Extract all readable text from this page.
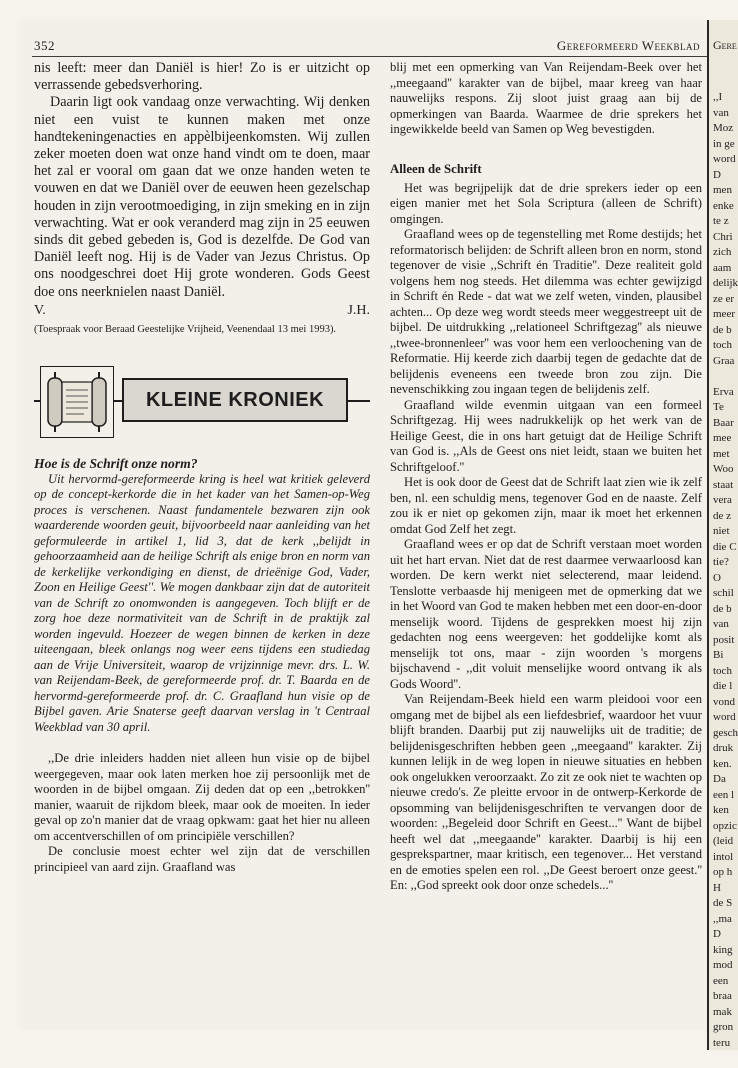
352	Gereformeerd Weekblad Gere
,,I
van
Moz
in ge
word
D
men
enke
te z
Chri
zich
aam
delijk
ze er
meer
de b
toch
Graa
Erva
Te
Baar
mee
met
Woo
staat
vera
de z
niet
die C
tie?
O
schil
de b
van
posit
Bi
toch
die l
vond
word
gesch
druk
ken.
Da
een l
ken
opzic
(leid
intol
op h
H
de S
,,ma
D
king
mod
een
braa
mak
gron
teru

nis leeft: meer dan Daniël is hier! Zo is er uitzicht op verrassende gebedsverhoring.

Daarin ligt ook vandaag onze verwachting. Wij denken niet een vuist te kunnen maken met onze handtekeningenacties en appèlbijeenkomsten. Wij zullen zeker moeten doen wat onze hand vindt om te doen, maar het zal er vooral om gaan dat we onze handen weten te vouwen en dat we Daniël over de eeuwen heen gezelschap houden in zijn verootmoediging, in zijn smeking en in zijn verwachting. Wat er ook veranderd mag zijn in 25 eeuwen sinds dit gebed gebeden is, God is dezelfde. De God van Daniël leeft nog. Hij is de Vader van Jezus Christus. Op ons noodgeschrei doet Hij grote wonderen. Gods Geest doe ons neerknielen naast Daniël.

V.	J.H.
(Toespraak voor Beraad Geestelijke Vrijheid, Veenendaal 13 mei 1993).
KLEINE KRONIEK
Hoe is de Schrift onze norm?

Uit hervormd-gereformeerde kring is heel wat kritiek geleverd op de concept-kerkorde die in het kader van het Samen-op-Weg proces is verschenen. Naast fundamentele bezwaren zijn ook waarderende woorden geuit, bijvoorbeeld naar aanleiding van het geformuleerde in artikel 1, lid 3, dat de kerk ,,belijdt in gehoorzaamheid aan de heilige Schrift als enige bron en norm van de kerkelijke verkondiging en dienst, de drieënige God, Vader, Zoon en Heilige Geest''. We mogen dankbaar zijn dat de autoriteit van de Schrift zo onomwonden is aangegeven. Toch blijft er de zorg hoe deze normativiteit van de Schrift in de praktijk zal worden ingevuld. Hoezeer de wegen binnen de kerken in deze uiteengaan, bleek onlangs nog weer eens tijdens een studiedag aan de Vrije Universiteit, waarop de vrijzinnige mevr. drs. L. W. van Reijendam-Beek, de gereformeerde prof. dr. T. Baarda en de hervormd-gereformeerde prof. dr. C. Graafland hun visie op de Bijbel gaven. Arie Snaterse geeft daarvan verslag in 't Centraal Weekblad van 30 april.

,,De drie inleiders hadden niet alleen hun visie op de bijbel weergegeven, maar ook laten merken hoe zij persoonlijk met de woorden in de bijbel omgaan. Zij deden dat op een ,,betrokken'' manier, waaruit de rijkdom bleek, maar ook de moeiten. In ieder geval op zo'n manier dat de vraag opkwam: gaat het hier nu alleen om accentverschillen of om principiële verschillen?

De conclusie moest echter wel zijn dat de verschillen principieel van aard zijn. Graafland was

blij met een opmerking van Van Reijendam-Beek over het ,,meegaand'' karakter van de bijbel, maar kreeg van haar nauwelijks respons. Zij sloot juist graag aan bij de opmerkingen van Baarda. Waarmee de drie sprekers het ingewikkelde beeld van Samen op Weg bevestigden.

Alleen de Schrift

Het was begrijpelijk dat de drie sprekers ieder op een eigen manier met het Sola Scriptura (alleen de Schrift) omgingen.

Graafland wees op de tegenstelling met Rome destijds; het reformatorisch belijden: de Schrift alleen bron en norm, stond tegenover de visie ,,Schrift én Traditie''. Deze realiteit gold volgens hem nog steeds. Het dilemma was echter gewijzigd in Schrift én Rede - dat wat we zelf weten, vinden, plausibel achten... Op deze weg wordt steeds meer weggestreept uit de bijbel. De uitdrukking ,,relationeel Schriftgezag'' als nieuwe ,,twee-bronnenleer'' was voor hem een verloochening van de Reformatie. Hij keerde zich daarbij tegen de gedachte dat de belijdenis eveneens een tweede bron zou zijn. Die nevenschikking zou ingaan tegen de belijdenis zelf.

Graafland wilde evenmin uitgaan van een formeel Schriftgezag. Hij wees nadrukkelijk op het werk van de Heilige Geest, die in ons hart getuigt dat de Heilige Schrift van God is. ,,Als de Geest ons niet leidt, staan we buiten het Schriftgeloof.''

Het is ook door de Geest dat de Schrift laat zien wie ik zelf ben, nl. een schuldig mens, tegenover God en de naaste. Zelf zou ik er niet op gekomen zijn, maar ik moet het erkennen omdat God Zelf het zegt.

Graafland wees er op dat de Schrift verstaan moet worden uit het hart ervan. Niet dat de rest daarmee verwaarloosd kan worden. De kern werkt niet selecterend, maar leidend. Tenslotte verbaasde hij menigeen met de opmerking dat we in het Woord van God te maken hebben met een door-en-door menselijk woord. Tijdens de gesprekken moest hij zijn gedachten nog eens weergeven: het goddelijke komt als menselijk tot ons, maar - zijn woorden 's morgens bijschavend - ,,dit voluit menselijke woord ontvang ik als Gods Woord''.

Van Reijendam-Beek hield een warm pleidooi voor een omgang met de bijbel als een liefdesbrief, waardoor het vuur blijft branden. Daarbij put zij nauwelijks uit de traditie; de belijdenisgeschriften hebben geen ,,meegaand'' karakter. Zij kunnen lelijk in de weg lopen in nieuwe situaties en hebben ook ongelukken veroorzaakt. Zo zit ze ook niet te wachten op nieuwe credo's. Ze pleitte ervoor in de ontwerp-Kerkorde de opsomming van belijdenisgeschriften te vervangen door de woorden: ,,Begeleid door Schrift en Geest...'' Want de bijbel heeft wel dat ,,meegaande'' karakter. Daarbij is hij een gesprekspartner, maar kritisch, een tegenover... Het verstand en de emoties spelen een rol. ,,De Geest beroert onze geest.'' En: ,,God spreekt ook door onze schedels...''
